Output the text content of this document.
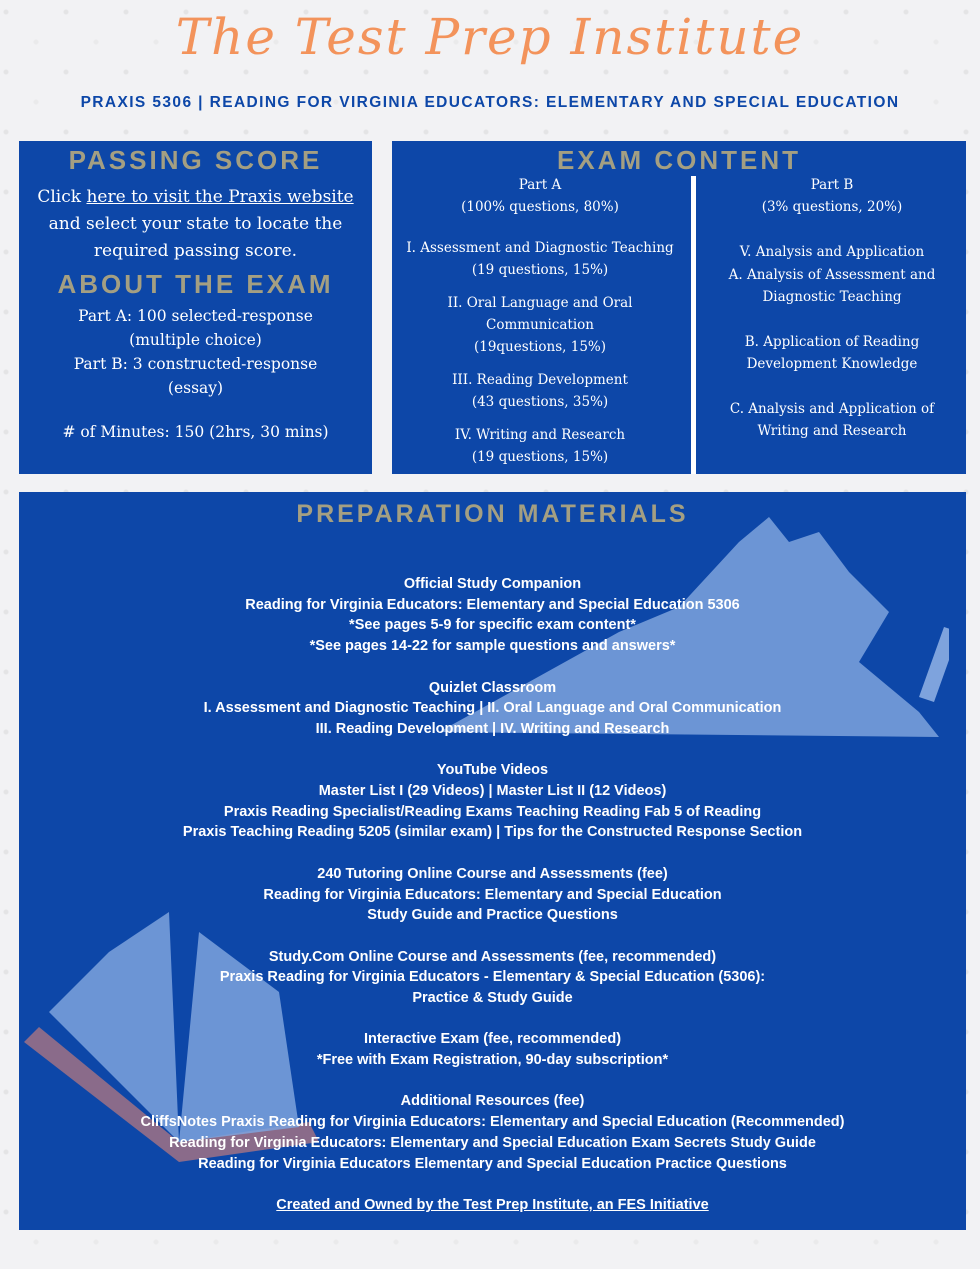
The Test Prep Institute
PRAXIS 5306 | READING FOR VIRGINIA EDUCATORS: ELEMENTARY AND SPECIAL EDUCATION
PASSING SCORE
Click here to visit the Praxis website and select your state to locate the required passing score.
ABOUT THE EXAM
Part A: 100 selected-response
(multiple choice)
Part B: 3 constructed-response
(essay)
# of Minutes: 150 (2hrs, 30 mins)
EXAM CONTENT
Part A
(100% questions, 80%)
I. Assessment and Diagnostic Teaching
(19 questions, 15%)
II. Oral Language and Oral Communication
(19questions, 15%)
III. Reading Development
(43 questions, 35%)
IV. Writing and Research
(19 questions, 15%)
Part B
(3% questions, 20%)
V. Analysis and Application
A. Analysis of Assessment and
Diagnostic Teaching
B. Application of Reading
Development Knowledge
C. Analysis and Application of
Writing and Research
PREPARATION MATERIALS

Official Study Companion

Reading for Virginia Educators: Elementary and Special Education 5306

*See pages 5-9 for specific exam content*

*See pages 14-22 for sample questions and answers*

Quizlet Classroom

I. Assessment and Diagnostic Teaching | II. Oral Language and Oral Communication

III. Reading Development | IV. Writing and Research

YouTube Videos

Master List I (29 Videos) | Master List II (12 Videos)

Praxis Reading Specialist/Reading Exams Teaching Reading Fab 5 of Reading

Praxis Teaching Reading 5205 (similar exam) | Tips for the Constructed Response Section

240 Tutoring Online Course and Assessments (fee)

Reading for Virginia Educators: Elementary and Special Education

Study Guide and Practice Questions

Study.Com Online Course and Assessments (fee, recommended)

Praxis Reading for Virginia Educators - Elementary & Special Education (5306):

Practice & Study Guide

Interactive Exam (fee, recommended)

*Free with Exam Registration, 90-day subscription*

Additional Resources (fee)

CliffsNotes Praxis Reading for Virginia Educators: Elementary and Special Education (Recommended)

Reading for Virginia Educators: Elementary and Special Education Exam Secrets Study Guide

Reading for Virginia Educators Elementary and Special Education Practice Questions

Created and Owned by the Test Prep Institute, an FES Initiative
